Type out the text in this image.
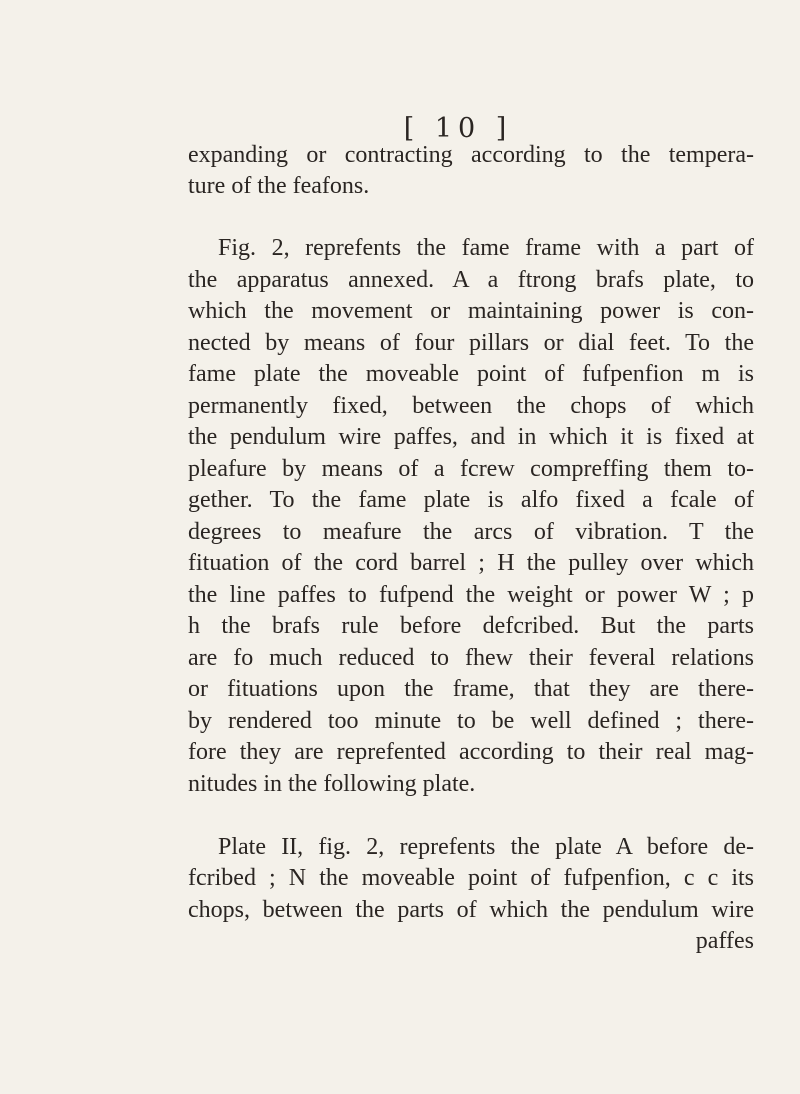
[ 10 ]
expanding or contracting according to the tempera-
ture of the feafons.
Fig. 2, reprefents the fame frame with a part of
the apparatus annexed. A a ftrong brafs plate, to
which the movement or maintaining power is con-
nected by means of four pillars or dial feet. To the
fame plate the moveable point of fufpenfion m is
permanently fixed, between the chops of which
the pendulum wire paffes, and in which it is fixed at
pleafure by means of a fcrew compreffing them to-
gether. To the fame plate is alfo fixed a fcale of
degrees to meafure the arcs of vibration. T the
fituation of the cord barrel ; H the pulley over which
the line paffes to fufpend the weight or power W ; p
h the brafs rule before defcribed. But the parts
are fo much reduced to fhew their feveral relations
or fituations upon the frame, that they are there-
by rendered too minute to be well defined ; there-
fore they are reprefented according to their real mag-
nitudes in the following plate.
Plate II, fig. 2, reprefents the plate A before de-
fcribed ; N the moveable point of fufpenfion, c c its
chops, between the parts of which the pendulum wire
paffes
